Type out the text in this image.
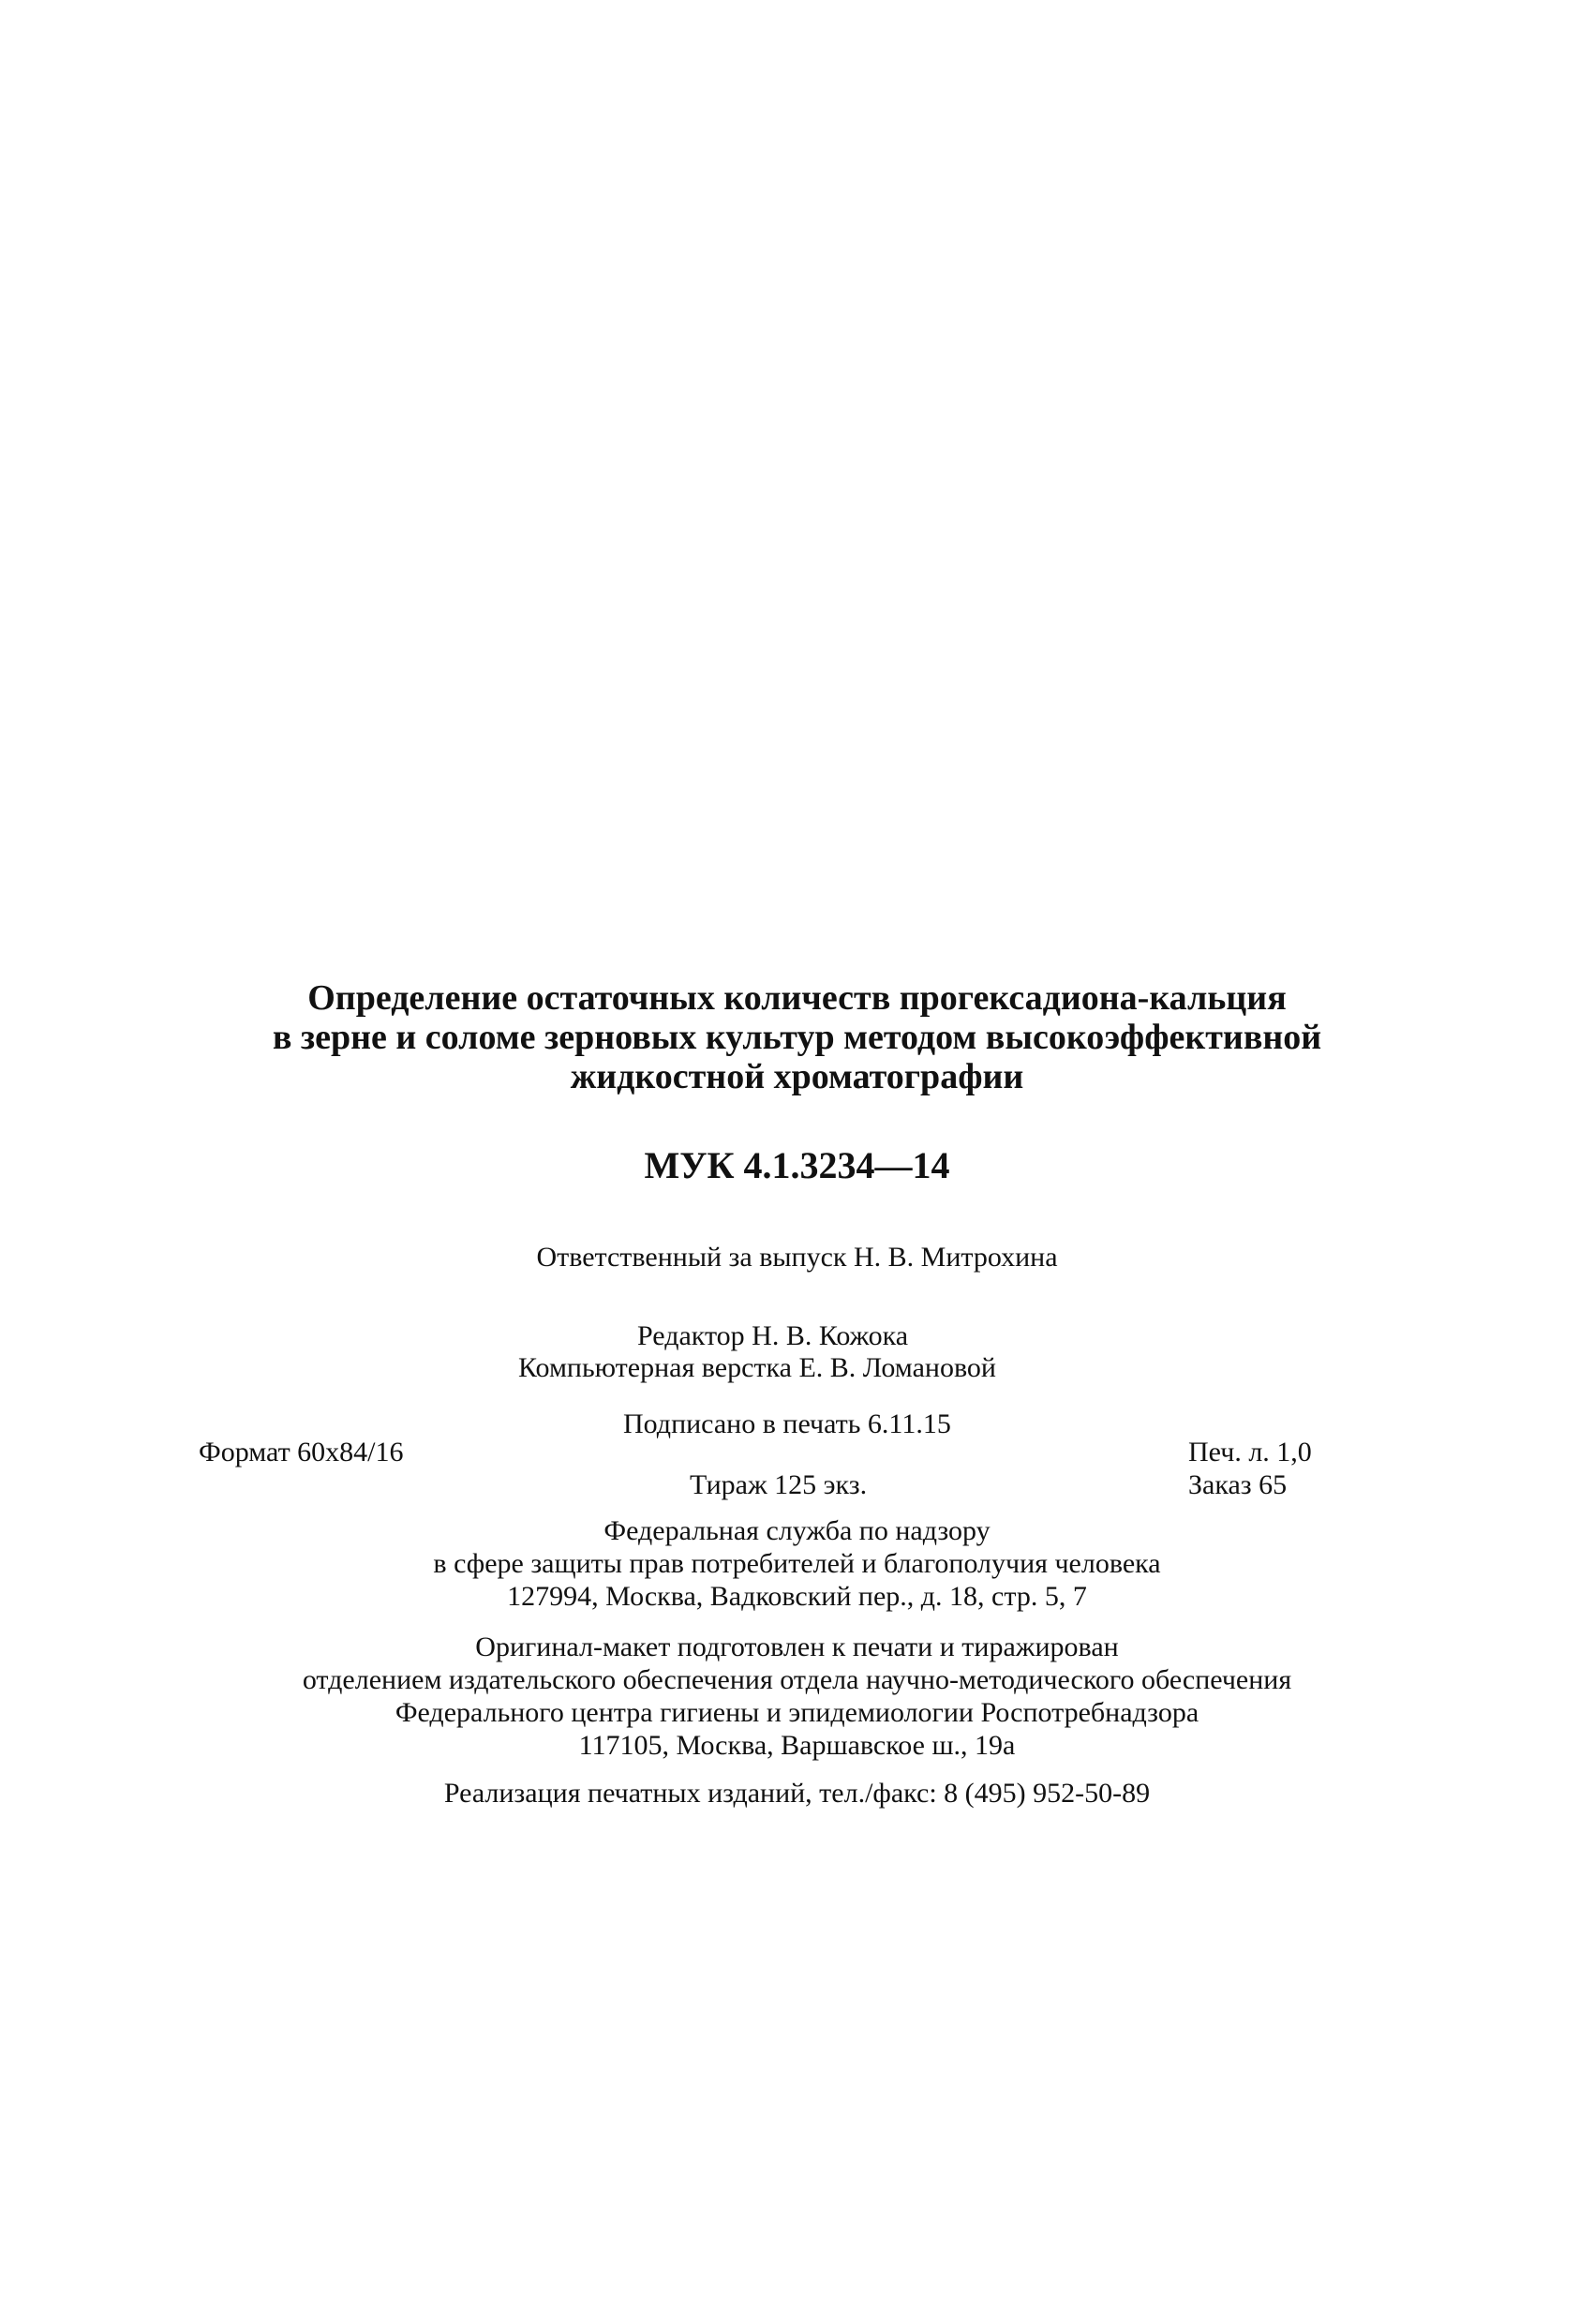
Определение остаточных количеств прогексадиона-кальция
в зерне и соломе зерновых культур методом высокоэффективной
жидкостной хроматографии
МУК 4.1.3234—14
Ответственный за выпуск Н. В. Митрохина
Редактор Н. В. Кожока
Компьютерная верстка Е. В. Ломановой
Подписано в печать 6.11.15
Формат 60x84/16	Печ. л. 1,0
Тираж 125 экз.	Заказ 65
Федеральная служба по надзору
в сфере защиты прав потребителей и благополучия человека
127994, Москва, Вадковский пер., д. 18, стр. 5, 7
Оригинал-макет подготовлен к печати и тиражирован
отделением издательского обеспечения отдела научно-методического обеспечения
Федерального центра гигиены и эпидемиологии Роспотребнадзора
117105, Москва, Варшавское ш., 19а
Реализация печатных изданий, тел./факс: 8 (495) 952-50-89
